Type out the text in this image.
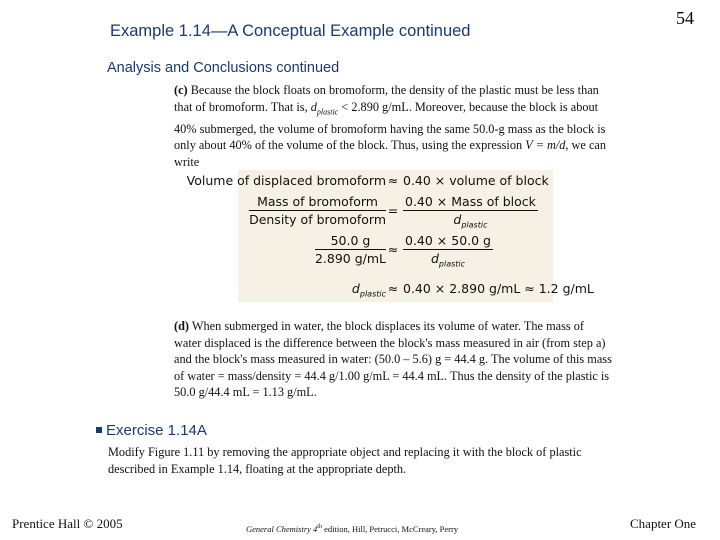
Example 1.14—A Conceptual Example continued
54
Analysis and Conclusions continued
(c) Because the block floats on bromoform, the density of the plastic must be less than that of bromoform. That is, $d_{plastic} < 2.890$ g/mL. Moreover, because the block is about 40% submerged, the volume of bromoform having the same 50.0-g mass as the block is only about 40% of the volume of the block. Thus, using the expression V = m/d, we can write
Volume of displaced bromoform ≈ 0.40 × volume of block
Mass of bromoform
Density of bromoform
=
0.40 × Mass of block
$d_{plastic}$
$\frac{50.0 g}{2.890 g/mL}$ ≈
0.40 × 50.0 g
$d_{plastic}$
$d_{plastic} \approx 0.40 \times 2.890$ g/mL ≈ 1.2 g/mL
(d) When submerged in water, the block displaces its volume of water. The mass of water displaced is the difference between the block's mass measured in air (from step a) and the block's mass measured in water: (50.0 – 5.6) g = 44.4 g. The volume of this mass of water = mass/density = 44.4 g/1.00 g/mL = 44.4 mL. Thus the density of the plastic is 50.0 g/44.4 mL = 1.13 g/mL.
Exercise 1.14A
Modify Figure 1.11 by removing the appropriate object and replacing it with the block of plastic described in Example 1.14, floating at the appropriate depth.
Prentice Hall © 2005	General Chemistry 4th edition, Hill, Petrucci, McCreary, Perry	Chapter One
